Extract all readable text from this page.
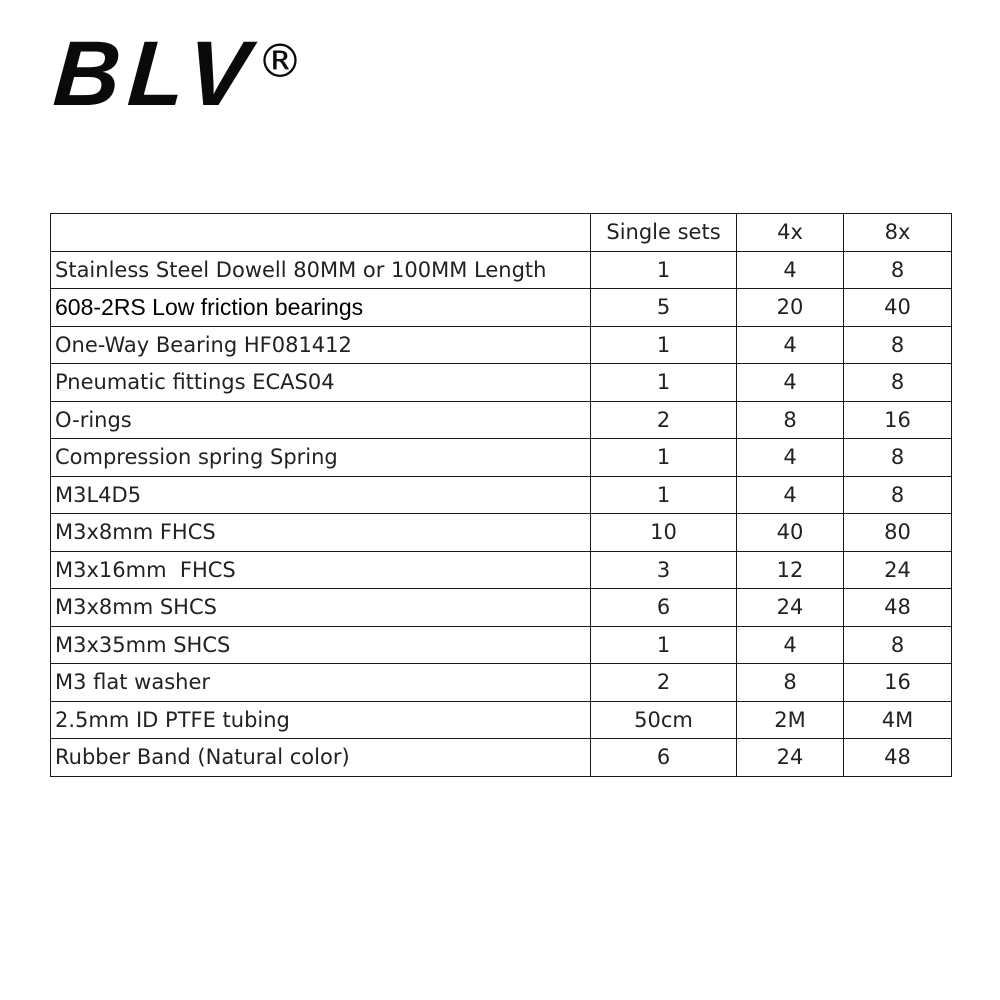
BLV
®
	Single sets	4x	8x
Stainless Steel Dowell 80MM or 100MM Length	1	4	8
608-2RS Low friction bearings	5	20	40
One-Way Bearing HF081412	1	4	8
Pneumatic fittings ECAS04	1	4	8
O-rings	2	8	16
Compression spring Spring	1	4	8
M3L4D5	1	4	8
M3x8mm FHCS	10	40	80
M3x16mm  FHCS	3	12	24
M3x8mm SHCS	6	24	48
M3x35mm SHCS	1	4	8
M3 flat washer	2	8	16
2.5mm ID PTFE tubing	50cm	2M	4M
Rubber Band (Natural color)	6	24	48
